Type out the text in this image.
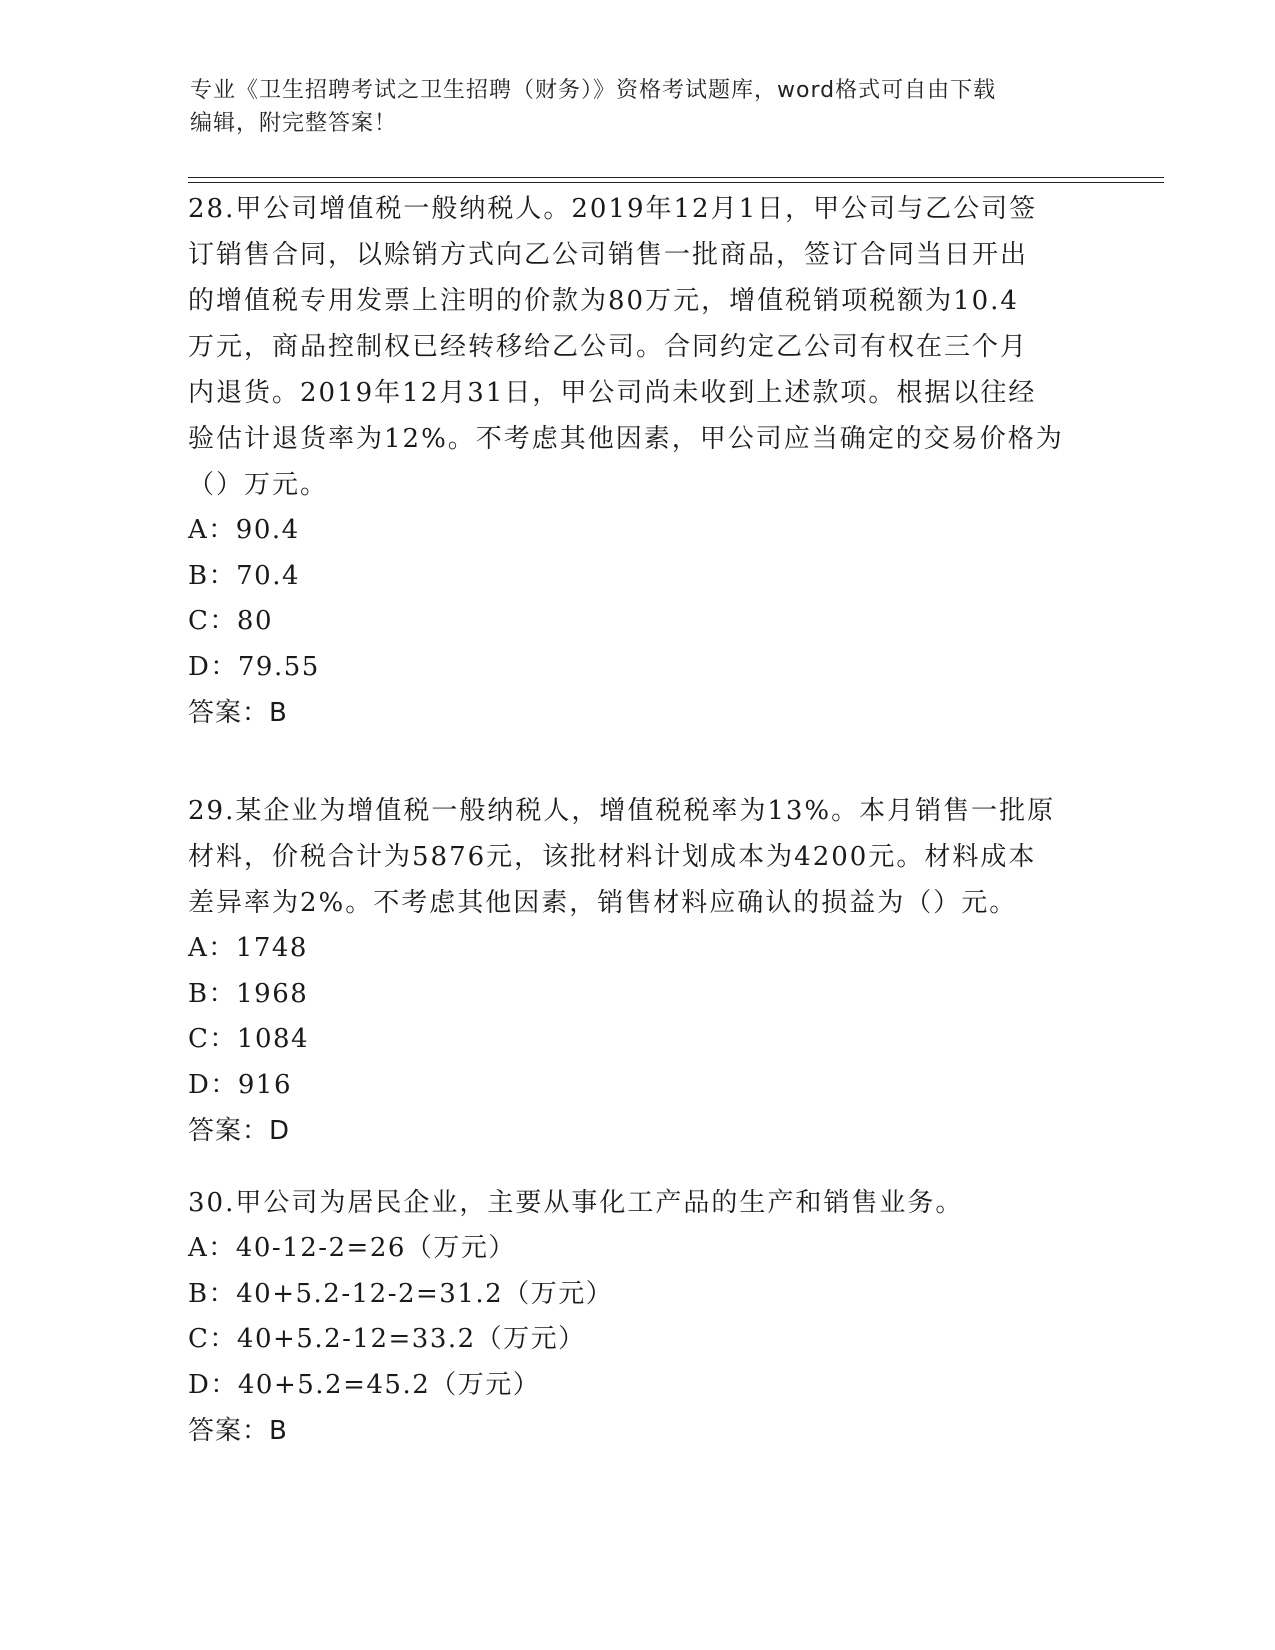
专业《卫生招聘考试之卫生招聘（财务）》资格考试题库，word格式可自由下载
编辑，附完整答案！

28.甲公司增值税一般纳税人。2019年12月1日，甲公司与乙公司签

订销售合同，以赊销方式向乙公司销售一批商品，签订合同当日开出

的增值税专用发票上注明的价款为80万元，增值税销项税额为10.4

万元，商品控制权已经转移给乙公司。合同约定乙公司有权在三个月

内退货。2019年12月31日，甲公司尚未收到上述款项。根据以往经

验估计退货率为12%。不考虑其他因素，甲公司应当确定的交易价格为

（）万元。

A：90.4

B：70.4

C：80

D：79.55

答案：B

29.某企业为增值税一般纳税人，增值税税率为13%。本月销售一批原

材料，价税合计为5876元，该批材料计划成本为4200元。材料成本

差异率为2%。不考虑其他因素，销售材料应确认的损益为（）元。

A：1748

B：1968

C：1084

D：916

答案：D

30.甲公司为居民企业，主要从事化工产品的生产和销售业务。

A：40-12-2=26（万元）

B：40+5.2-12-2=31.2（万元）

C：40+5.2-12=33.2（万元）

D：40+5.2=45.2（万元）

答案：B
